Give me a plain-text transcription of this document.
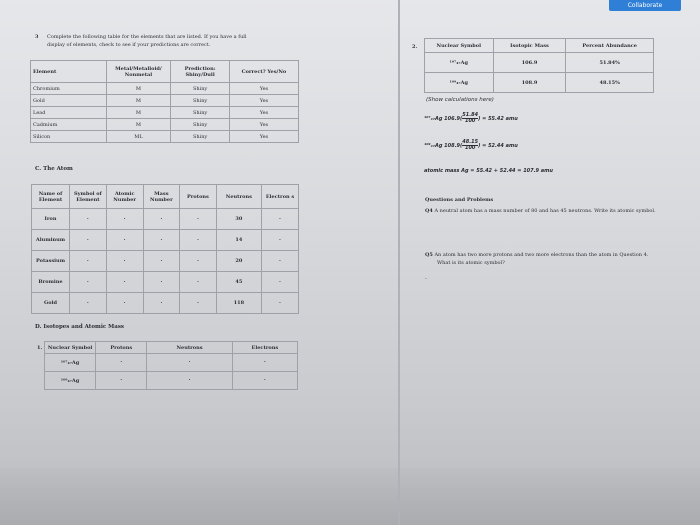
Collaborate
3 Complete the following table for the elements that are listed. If you have a full
display of elements, check to see if your predictions are correct.
Element	Metal/Metalloid/ Nonmetal	Prediction: Shiny/Dull	Correct? Yes/No
Chromium	M	Shiny	Yes
Gold	M	Shiny	Yes
Lead	M	Shiny	Yes
Cadmium	M	Shiny	Yes
Silicon	ML	Shiny	Yes
C. The Atom
Name of Element	Symbol of Element	Atomic Number	Mass Number	Protons	Neutrons	Electron s
Iron	·	·	·	·	30	·
Aluminum	·	·	·	·	14	·
Potassium	·	·	·	·	20	·
Bromine	·	·	·	·	45	·
Gold	·	·	·	·	118	·
D. Isotopes and Atomic Mass
1. Nuclear Symbol	Protons	Neutrons	Electrons
¹⁰⁷₄₇Ag	·	·	·
¹⁰⁹₄₇Ag	·	·	·
2.	Nuclear Symbol	Isotopic Mass	Percent Abundance
¹⁰⁷₄₇Ag	106.9	51.84%
¹⁰⁹₄₇Ag	108.9	48.15%
(Show calculations here)
¹⁰⁷₄₇Ag $106.9( \frac{51.84}{100}$ ) = 55.42 amu
¹⁰⁹₄₇Ag $108.9( \frac{48.15}{100}$ ) = 52.44 amu
atomic mass Ag = 55.42 + 52.44 = 107.9 amu
Questions and Problems
Q4 A neutral atom has a mass number of 80 and has 45 neutrons. Write its atomic symbol.
Q5 An atom has two more protons and two more electrons than the atom in Question 4.
What is its atomic symbol?
·
